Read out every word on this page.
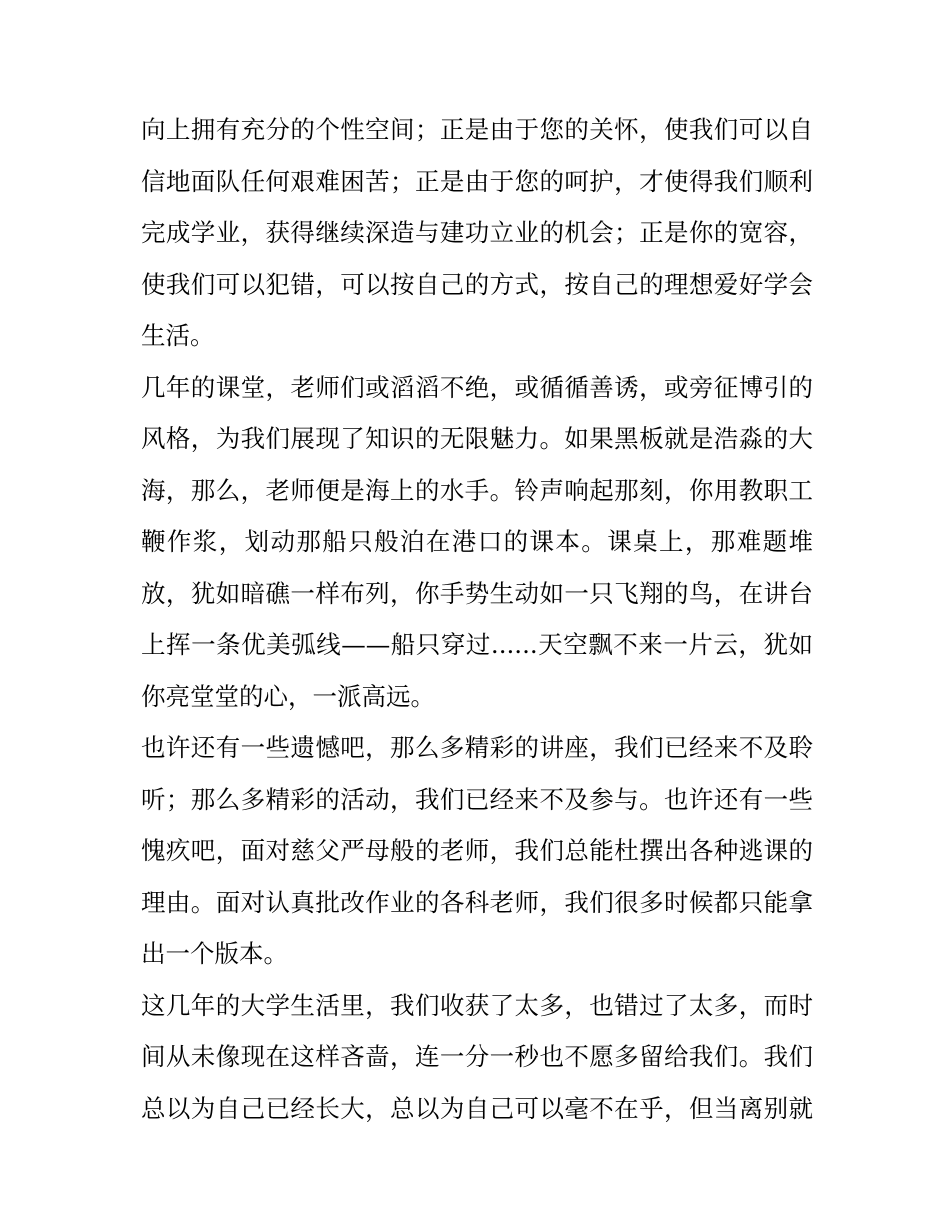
向上拥有充分的个性空间；正是由于您的关怀，使我们可以自
信地面队任何艰难困苦；正是由于您的呵护，才使得我们顺利
完成学业，获得继续深造与建功立业的机会；正是你的宽容，
使我们可以犯错，可以按自己的方式，按自己的理想爱好学会
生活。
几年的课堂，老师们或滔滔不绝，或循循善诱，或旁征博引的
风格，为我们展现了知识的无限魅力。如果黑板就是浩淼的大
海，那么，老师便是海上的水手。铃声响起那刻，你用教职工
鞭作浆，划动那船只般泊在港口的课本。课桌上，那难题堆
放，犹如暗礁一样布列，你手势生动如一只飞翔的鸟，在讲台
上挥一条优美弧线——船只穿过......天空飘不来一片云，犹如
你亮堂堂的心，一派高远。
也许还有一些遗憾吧，那么多精彩的讲座，我们已经来不及聆
听；那么多精彩的活动，我们已经来不及参与。也许还有一些
愧疚吧，面对慈父严母般的老师，我们总能杜撰出各种逃课的
理由。面对认真批改作业的各科老师，我们很多时候都只能拿
出一个版本。
这几年的大学生活里，我们收获了太多，也错过了太多，而时
间从未像现在这样吝啬，连一分一秒也不愿多留给我们。我们
总以为自己已经长大，总以为自己可以毫不在乎，但当离别就
